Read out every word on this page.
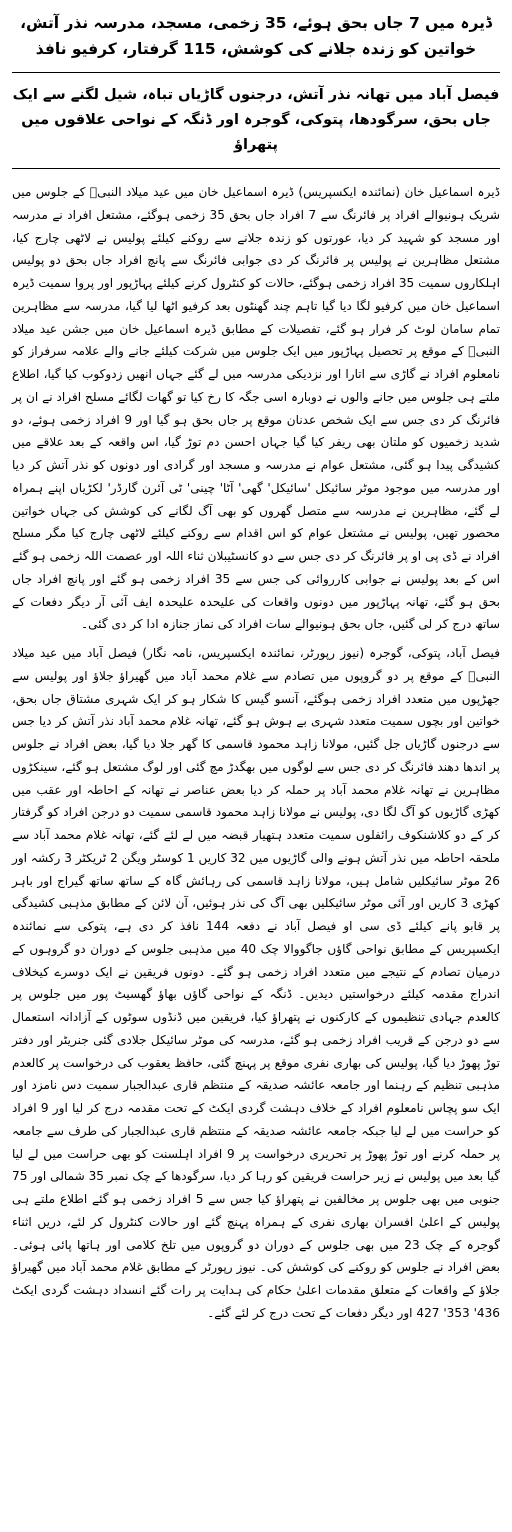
ڈیرہ میں 7 جاں بحق ہوئے، 35 زخمی، مسجد، مدرسہ نذر آتش، خواتین کو زندہ جلانے کی کوشش، 115 گرفتار، کرفیو نافذ
فیصل آباد میں تھانہ نذر آتش، درجنوں گاڑیاں تباہ، شیل لگنے سے ایک جاں بحق، سرگودھا، پتوکی، گوجرہ اور ڈنگہ کے نواحی علاقوں میں پتھراؤ

ڈیرہ اسماعیل خان (نمائندہ ایکسپریس) ڈیرہ اسماعیل خان میں عید میلاد النبیؐ کے جلوس میں شریک ہونیوالے افراد پر فائرنگ سے 7 افراد جاں بحق 35 زخمی ہوگئے، مشتعل افراد نے مدرسہ اور مسجد کو شہید کر دیا، عورتوں کو زندہ جلانے سے روکنے کیلئے پولیس نے لاٹھی چارج کیا، مشتعل مظاہرین نے پولیس پر فائرنگ کر دی جوابی فائرنگ سے پانچ افراد جاں بحق دو پولیس اہلکاروں سمیت 35 افراد زخمی ہوگئے، حالات کو کنٹرول کرنے کیلئے پہاڑپور اور پروا سمیت ڈیرہ اسماعیل خان میں کرفیو لگا دیا گیا تاہم چند گھنٹوں بعد کرفیو اٹھا لیا گیا، مدرسہ سے مظاہرین تمام سامان لوٹ کر فرار ہو گئے، تفصیلات کے مطابق ڈیرہ اسماعیل خان میں جشن عید میلاد النبیؐ کے موقع پر تحصیل پہاڑپور میں ایک جلوس میں شرکت کیلئے جانے والے علامہ سرفراز کو نامعلوم افراد نے گاڑی سے اتارا اور نزدیکی مدرسہ میں لے گئے جہاں انھیں زدوکوب کیا گیا، اطلاع ملتے ہی جلوس میں جانے والوں نے دوبارہ اسی جگہ کا رخ کیا تو گھات لگائے مسلح افراد نے ان پر فائرنگ کر دی جس سے ایک شخص عدنان موقع پر جاں بحق ہو گیا اور 9 افراد زخمی ہوئے، دو شدید زخمیوں کو ملتان بھی ریفر کیا گیا جہاں احسن دم توڑ گیا، اس واقعہ کے بعد علاقے میں کشیدگی پیدا ہو گئی، مشتعل عوام نے مدرسہ و مسجد اور گرادی اور دونوں کو نذر آتش کر دیا اور مدرسہ میں موجود موٹر سائیکل 'سائیکل' گھی' آٹا' چینی' ٹی آئرن گارڈر' لکڑیاں اپنے ہمراہ لے گئے، مظاہرین نے مدرسہ سے متصل گھروں کو بھی آگ لگانے کی کوشش کی جہاں خواتین محصور تھیں، پولیس نے مشتعل عوام کو اس اقدام سے روکنے کیلئے لاٹھی چارج کیا مگر مسلح افراد نے ڈی پی او پر فائرنگ کر دی جس سے دو کانسٹیبلان ثناء اللہ اور عصمت اللہ زخمی ہو گئے اس کے بعد پولیس نے جوابی کارروائی کی جس سے 35 افراد زخمی ہو گئے اور پانچ افراد جاں بحق ہو گئے، تھانہ پہاڑپور میں دونوں واقعات کی علیحدہ علیحدہ ایف آئی آر دیگر دفعات کے ساتھ درج کر لی گئیں، جاں بحق ہونیوالے سات افراد کی نماز جنازہ ادا کر دی گئی۔

فیصل آباد، پتوکی، گوجرہ (نیوز رپورٹر، نمائندہ ایکسپریس، نامہ نگار) فیصل آباد میں عید میلاد النبیؐ کے موقع پر دو گروپوں میں تصادم سے غلام محمد آباد میں گھیراؤ جلاؤ اور پولیس سے جھڑپوں میں متعدد افراد زخمی ہوگئے، آنسو گیس کا شکار ہو کر ایک شہری مشتاق جاں بحق، خواتین اور بچوں سمیت متعدد شہری بے ہوش ہو گئے، تھانہ غلام محمد آباد نذر آتش کر دیا جس سے درجنوں گاڑیاں جل گئیں، مولانا زاہد محمود قاسمی کا گھر جلا دیا گیا، بعض افراد نے جلوس پر اندھا دھند فائرنگ کر دی جس سے لوگوں میں بھگدڑ مچ گئی اور لوگ مشتعل ہو گئے، سینکڑوں مظاہرین نے تھانہ غلام محمد آباد پر حملہ کر دیا بعض عناصر نے تھانہ کے احاطہ اور عقب میں کھڑی گاڑیوں کو آگ لگا دی، پولیس نے مولانا زاہد محمود قاسمی سمیت دو درجن افراد کو گرفتار کر کے دو کلاشنکوف رائفلوں سمیت متعدد ہتھیار قبضہ میں لے لئے گئے، تھانہ غلام محمد آباد سے ملحقہ احاطہ میں نذر آتش ہونے والی گاڑیوں میں 32 کاریں 1 کوسٹر ویگن 2 ٹریکٹر 3 رکشہ اور 26 موٹر سائیکلیں شامل ہیں، مولانا زاہد قاسمی کی رہائش گاہ کے ساتھ ساتھ گیراج اور باہر کھڑی 3 کاریں اور آئی موٹر سائیکلیں بھی آگ کی نذر ہوئیں، آن لائن کے مطابق مذہبی کشیدگی پر قابو پانے کیلئے ڈی سی او فیصل آباد نے دفعہ 144 نافذ کر دی ہے، پتوکی سے نمائندہ ایکسپریس کے مطابق نواحی گاؤں جاگووالا چک 40 میں مذہبی جلوس کے دوران دو گروہوں کے درمیان تصادم کے نتیجے میں متعدد افراد زخمی ہو گئے۔ دونوں فریقین نے ایک دوسرے کیخلاف اندراج مقدمہ کیلئے درخواستیں دیدیں۔ ڈنگہ کے نواحی گاؤں بھاؤ گھسیٹ پور میں جلوس پر کالعدم جہادی تنظیموں کے کارکنوں نے پتھراؤ کیا، فریقین میں ڈنڈوں سوٹوں کے آزادانہ استعمال سے دو درجن کے قریب افراد زخمی ہو گئے، مدرسہ کی موٹر سائیکل جلادی گئی جنریٹر اور دفتر توڑ پھوڑ دیا گیا، پولیس کی بھاری نفری موقع پر پہنچ گئی، حافظ یعقوب کی درخواست پر کالعدم مذہبی تنظیم کے رہنما اور جامعہ عائشہ صدیقہ کے منتظم قاری عبدالجبار سمیت دس نامزد اور ایک سو پچاس نامعلوم افراد کے خلاف دہشت گردی ایکٹ کے تحت مقدمہ درج کر لیا اور 9 افراد کو حراست میں لے لیا جبکہ جامعہ عائشہ صدیقہ کے منتظم قاری عبدالجبار کی طرف سے جامعہ پر حملہ کرنے اور توڑ پھوڑ پر تحریری درخواست پر 9 افراد اہلسنت کو بھی حراست میں لے لیا گیا بعد میں پولیس نے زیر حراست فریقین کو رہا کر دیا، سرگودھا کے چک نمبر 35 شمالی اور 75 جنوبی میں بھی جلوس پر مخالفین نے پتھراؤ کیا جس سے 5 افراد زخمی ہو گئے اطلاع ملتے ہی پولیس کے اعلیٰ افسران بھاری نفری کے ہمراہ پہنچ گئے اور حالات کنٹرول کر لئے، دریں اثناء گوجرہ کے چک 23 میں بھی جلوس کے دوران دو گروپوں میں تلخ کلامی اور ہاتھا پائی ہوئی۔ بعض افراد نے جلوس کو روکنے کی کوشش کی۔ نیوز رپورٹر کے مطابق غلام محمد آباد میں گھیراؤ جلاؤ کے واقعات کے متعلق مقدمات اعلیٰ حکام کی ہدایت پر رات گئے انسداد دہشت گردی ایکٹ 436' 353' 427 اور دیگر دفعات کے تحت درج کر لئے گئے۔
